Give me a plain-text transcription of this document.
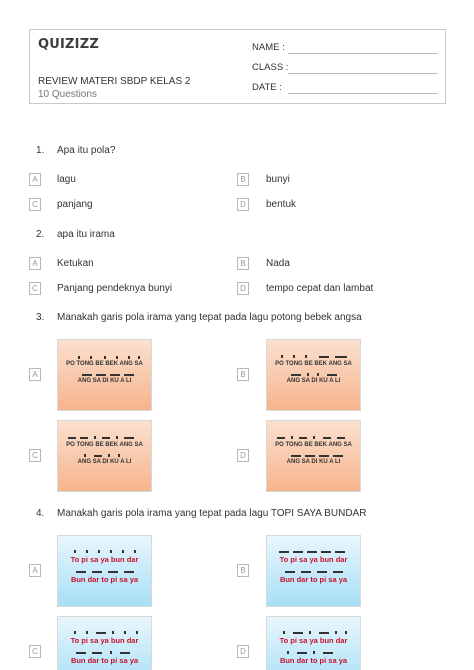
QUIZIZZ
REVIEW MATERI SBDP KELAS 2
10 Questions
NAME :
CLASS :
DATE :
1. Apa itu pola?
A	lagu	B	bunyi
C	panjang	D	bentuk
2. apa itu irama
A	Ketukan	B	Nada
C	Panjang pendeknya bunyi	D	tempo cepat dan lambat
3. Manakah garis pola irama yang tepat pada lagu potong bebek angsa
A
PO TONG BE BEK ANG SA
ANG SA DI KU A LI
B
PO TONG BE BEK ANG SA
ANG SA DI KU A LI
C
PO TONG BE BEK ANG SA
ANG SA DI KU A LI
D
PO TONG BE BEK ANG SA
ANG SA DI KU A LI
4. Manakah garis pola irama yang tepat pada lagu TOPI SAYA BUNDAR
A
To pi sa ya bun dar
Bun dar to pi sa ya
B
To pi sa ya bun dar
Bun dar to pi sa ya
C
To pi sa ya bun dar
Bun dar to pi sa ya
D
To pi sa ya bun dar
Bun dar to pi sa ya
